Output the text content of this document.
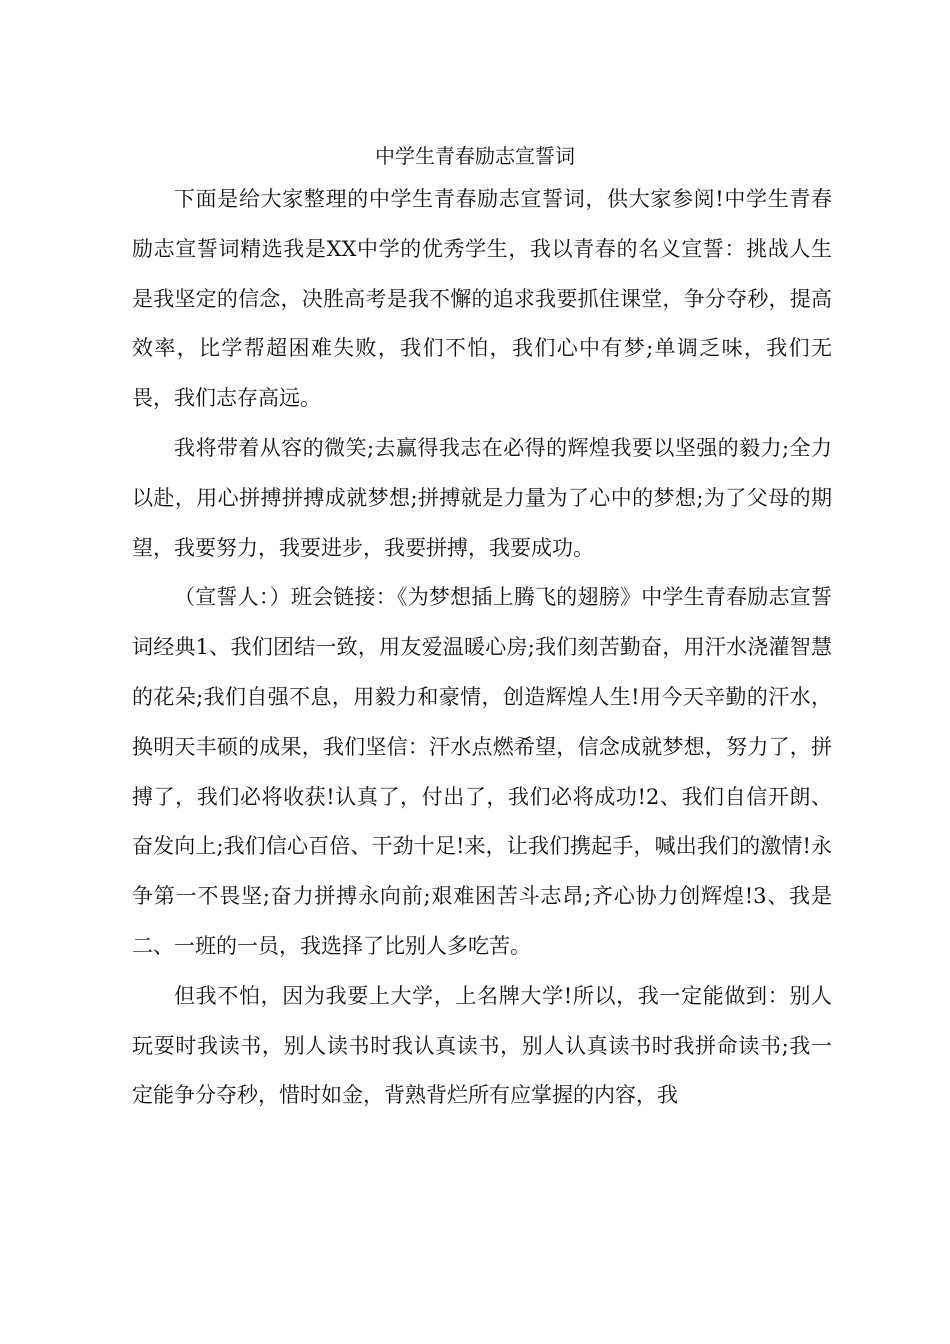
中学生青春励志宣誓词

下面是给大家整理的中学生青春励志宣誓词，供大家参阅!中学生青春励志宣誓词精选我是XX中学的优秀学生，我以青春的名义宣誓：挑战人生是我坚定的信念，决胜高考是我不懈的追求我要抓住课堂，争分夺秒，提高效率，比学帮超困难失败，我们不怕，我们心中有梦;单调乏味，我们无畏，我们志存高远。

我将带着从容的微笑;去赢得我志在必得的辉煌我要以坚强的毅力;全力以赴，用心拼搏拼搏成就梦想;拼搏就是力量为了心中的梦想;为了父母的期望，我要努力，我要进步，我要拼搏，我要成功。

（宣誓人：）班会链接：《为梦想插上腾飞的翅膀》中学生青春励志宣誓词经典1、我们团结一致，用友爱温暖心房;我们刻苦勤奋，用汗水浇灌智慧的花朵;我们自强不息，用毅力和豪情，创造辉煌人生!用今天辛勤的汗水，换明天丰硕的成果，我们坚信：汗水点燃希望，信念成就梦想，努力了，拼搏了，我们必将收获!认真了，付出了，我们必将成功!2、我们自信开朗、奋发向上;我们信心百倍、干劲十足!来，让我们携起手，喊出我们的激情!永争第一不畏坚;奋力拼搏永向前;艰难困苦斗志昂;齐心协力创辉煌!3、我是二、一班的一员，我选择了比别人多吃苦。

但我不怕，因为我要上大学，上名牌大学!所以，我一定能做到：别人玩耍时我读书，别人读书时我认真读书，别人认真读书时我拼命读书;我一定能争分夺秒，惜时如金，背熟背烂所有应掌握的内容，我
